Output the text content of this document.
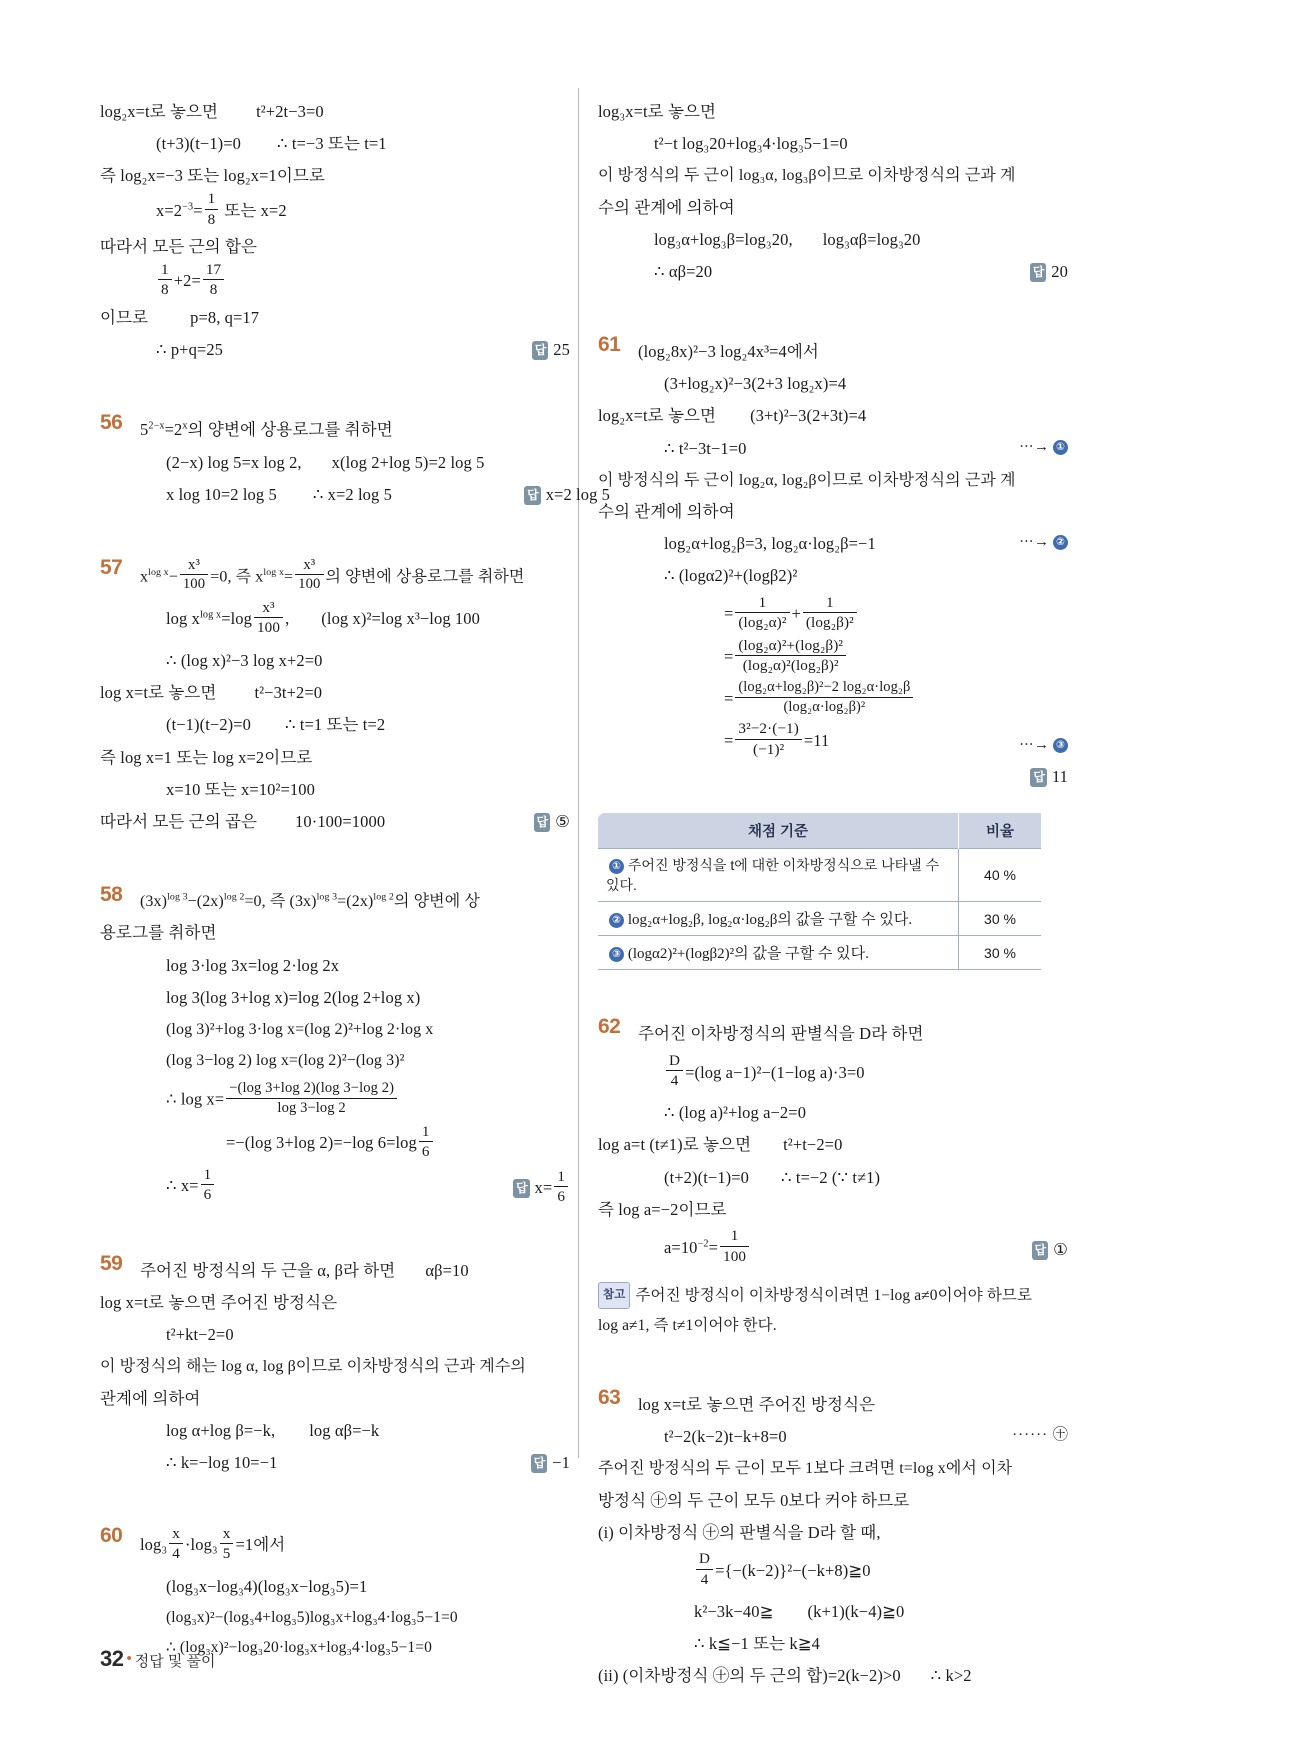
log₂x=t로 놓으면 t²+2t−3=0
(t+3)(t−1)=0 ∴ t=−3 또는 t=1
즉 log₂x=−3 또는 log₂x=1이므로
$x=2^{-3}= \frac{1}{8}$ 또는 x=2
따라서 모든 근의 합은
$\frac{1}{8} +2= \frac{17}{8}$
이므로	p=8, q=17
∴ p+q=25	답 25
56 $5^{2-x}=2^x$의 양변에 상용로그를 취하면
(2−x) log 5=x log 2, x(log 2+log 5)=2 log 5
x log 10=2 log 5 ∴ x=2 log 5	답 x=2 log 5
57 $x^{log x}- \frac{\text{x³}}{100} =0$, 즉 $x^{log x}= \frac{\text{x³}}{100}$ 의 양변에 상용로그를 취하면
$\log x^{log x}=\log \frac{\text{x³}}{100}$ , (log x)²=log x³−log 100
∴ (log x)²−3 log x+2=0
log x=t로 놓으면 t²−3t+2=0
(t−1)(t−2)=0 ∴ t=1 또는 t=2
즉 log x=1 또는 log x=2이므로
x=10 또는 x=10²=100
따라서 모든 근의 곱은 10·100=1000	답 ⑤
58 $(3x)^{log 3}-(2x)^{log 2}=0$, 즉 $(3x)^{log 3}=(2x)^{log 2}$의 양변에 상
용로그를 취하면
log 3·log 3x=log 2·log 2x
log 3(log 3+log x)=log 2(log 2+log x)
(log 3)²+log 3·log x=(log 2)²+log 2·log x
(log 3−log 2) log x=(log 2)²−(log 3)²
∴ $\log x= \frac{-(\log 3+\log 2)(\log 3-\log 2)}{\log 3-\log 2}$
=−(log 3+log 2)=−log $6=\log \frac{1}{6}$
∴ $x= \frac{1}{6}$	답 $x= \frac{1}{6}$
59 주어진 방정식의 두 근을 α, β라 하면 αβ=10
log x=t로 놓으면 주어진 방정식은
t²+kt−2=0
이 방정식의 해는 log α, log β이므로 이차방정식의 근과 계수의
관계에 의하여
log α+log β=−k, log αβ=−k
∴ k=−log 10=−1	답 −1
60 $\log_3 \frac{x}{4} \cdot\log_3 \frac{x}{5} =1$에서
(log₃x−log₃4)(log₃x−log₃5)=1
(log₃x)²−(log₃4+log₃5)log₃x+log₃4·log₃5−1=0
∴ (log₃x)²−log₃20·log₃x+log₃4·log₃5−1=0
log₃x=t로 놓으면
t²−t log₃20+log₃4·log₃5−1=0
이 방정식의 두 근이 log₃α, log₃β이므로 이차방정식의 근과 계
수의 관계에 의하여
log₃α+log₃β=log₃20, log₃αβ=log₃20
∴ αβ=20	답 20
61 (log₂8x)²−3 log₂4x³=4에서
(3+log₂x)²−3(2+3 log₂x)=4
log₂x=t로 놓으면 (3+t)²−3(2+3t)=4
∴ t²−3t−1=0	∙∙∙→ ①
이 방정식의 두 근이 log₂α, log₂β이므로 이차방정식의 근과 계
수의 관계에 의하여
log₂α+log₂β=3, log₂α·log₂β=−1	∙∙∙→ ②
∴ (logα2)²+(logβ2)²
= $\frac{1}{\text{(log₂α)²}} + \frac{1}{\text{(log₂β)²}}$
= $\frac{\text{(log₂α)²+(log₂β)²}}{\text{(log₂α)²(log₂β)²}}$
= $\frac{\text{(log₂α+log₂β)²−2 log₂α·log₂β}}{\text{(log₂α·log₂β)²}}$
= $\frac{\text{3²−2·(−1)}}{\text{(−1)²}} =11$	∙∙∙→ ③
답 11
채점 기준	비율
① 주어진 방정식을 t에 대한 이차방정식으로 나타낼 수 있다.	40 %
② log₂α+log₂β, log₂α·log₂β의 값을 구할 수 있다.	30 %
③ (logα2)²+(logβ2)²의 값을 구할 수 있다.	30 %
62 주어진 이차방정식의 판별식을 D라 하면
$\frac{D}{4} =(\log$ a−1)²−(1−log a)·3=0
∴ (log a)²+log a−2=0
log a=t (t≠1)로 놓으면 t²+t−2=0
(t+2)(t−1)=0 ∴ t=−2 (∵ t≠1)
즉 log a=−2이므로
$a=10^{-2}= \frac{1}{100}$	답 ①
참고 주어진 방정식이 이차방정식이려면 1−log a≠0이어야 하므로
log a≠1, 즉 t≠1이어야 한다.
63 log x=t로 놓으면 주어진 방정식은
t²−2(k−2)t−k+8=0	······ ㊉
주어진 방정식의 두 근이 모두 1보다 크려면 t=log x에서 이차
방정식 ㊉의 두 근이 모두 0보다 커야 하므로
(i) 이차방정식 ㊉의 판별식을 D라 할 때,
$\frac{D}{4}$ ={−(k−2)}²−(−k+8)≧0
k²−3k−40≧ (k+1)(k−4)≧0
∴ k≦−1 또는 k≧4
(ii) (이차방정식 ㊉의 두 근의 합)=2(k−2)>0 ∴ k>2
32 • 정답 및 풀이
